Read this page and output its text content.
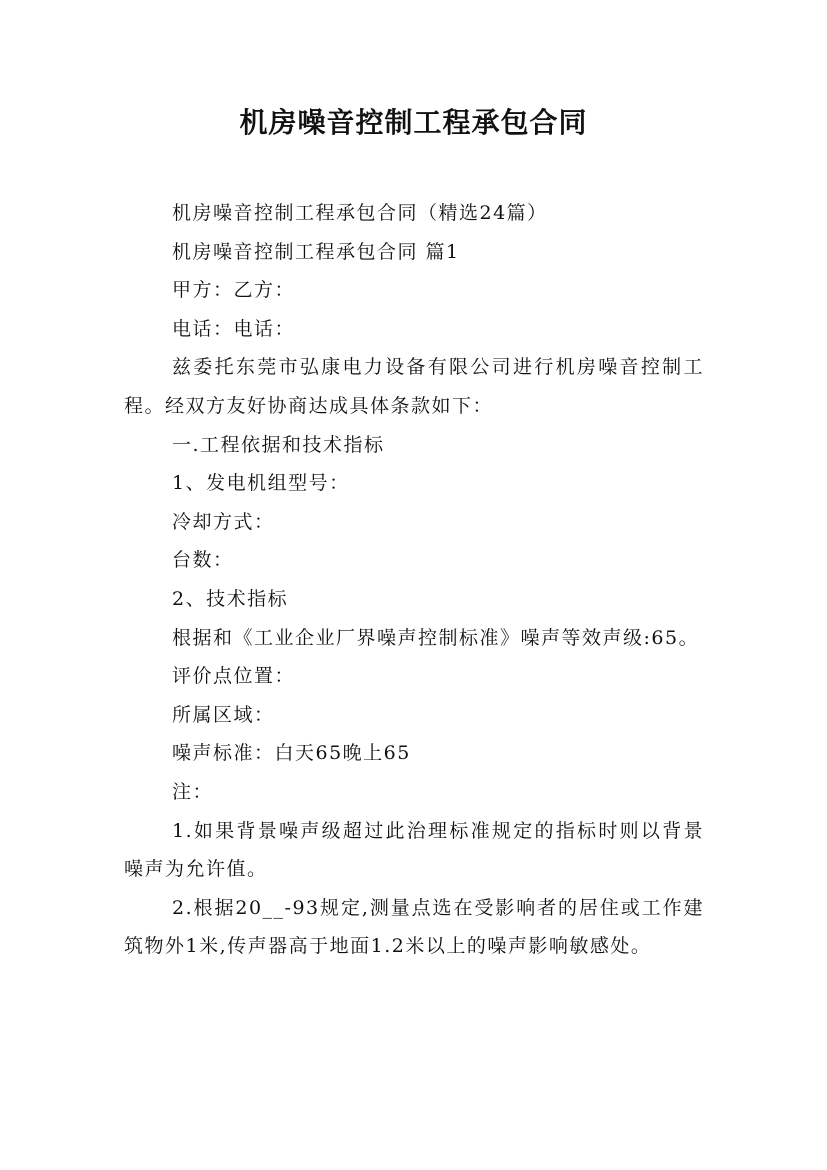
机房噪音控制工程承包合同

机房噪音控制工程承包合同（精选24篇）

机房噪音控制工程承包合同 篇1

甲方：乙方：

电话：电话：

兹委托东莞市弘康电力设备有限公司进行机房噪音控制工程。经双方友好协商达成具体条款如下：

一.工程依据和技术指标

1、发电机组型号：

冷却方式：

台数：

2、技术指标

根据和《工业企业厂界噪声控制标准》噪声等效声级:65。

评价点位置：

所属区域：

噪声标准：白天65晚上65

注：

1.如果背景噪声级超过此治理标准规定的指标时则以背景噪声为允许值。

2.根据20__-93规定,测量点选在受影响者的居住或工作建筑物外1米,传声器高于地面1.2米以上的噪声影响敏感处。
